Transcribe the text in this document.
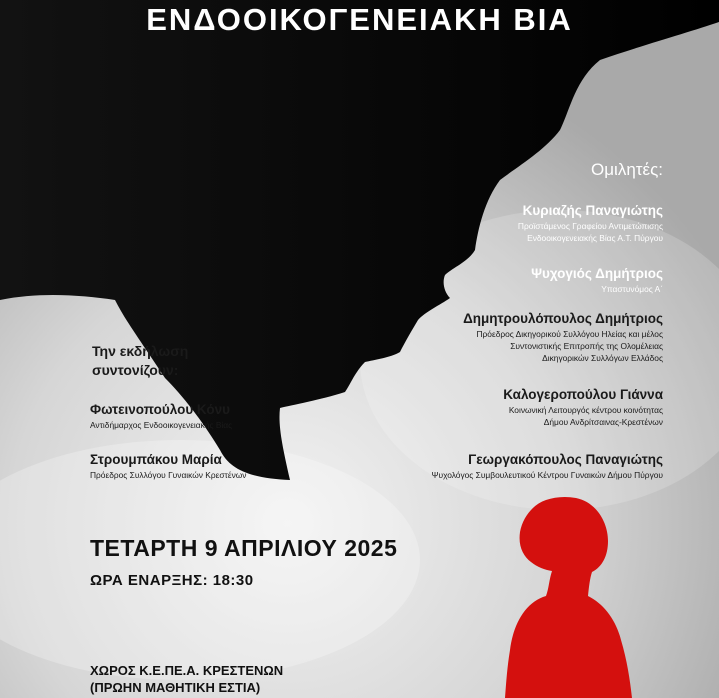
ΕΝΔΟΟΙΚΟΓΕΝΕΙΑΚΗ ΒΙΑ
Ομιλητές:
Κυριαζής Παναγιώτης
Προϊστάμενος Γραφείου Αντιμετώπισης
Ενδοοικογενειακής Βίας Α.Τ. Πύργου
Ψυχογιός Δημήτριος
Υπαστυνόμος Α΄
Δημητρουλόπουλος Δημήτριος
Πρόεδρος Δικηγορικού Συλλόγου Ηλείας και μέλος
Συντονιστικής Επιτροπής της Ολομέλειας
Δικηγορικών Συλλόγων Ελλάδος
Καλογεροπούλου Γιάννα
Κοινωνική Λειτουργός κέντρου κοινότητας
Δήμου Ανδρίτσαινας-Κρεστένων
Γεωργακόπουλος Παναγιώτης
Ψυχολόγος Συμβουλευτικού Κέντρου Γυναικών Δήμου Πύργου
Την εκδήλωση
συντονίζουν:
Φωτεινοπούλου Κόνυ
Αντιδήμαρχος Ενδοοικογενειακής Βίας
Στρουμπάκου Μαρία
Πρόεδρος Συλλόγου Γυναικών Κρεστένων
ΤΕΤΑΡΤΗ 9 ΑΠΡΙΛΙΟΥ 2025
ΩΡΑ ΕΝΑΡΞΗΣ: 18:30
ΧΩΡΟΣ Κ.Ε.ΠΕ.Α. ΚΡΕΣΤΕΝΩΝ
(ΠΡΩΗΝ ΜΑΘΗΤΙΚΗ ΕΣΤΙΑ)
